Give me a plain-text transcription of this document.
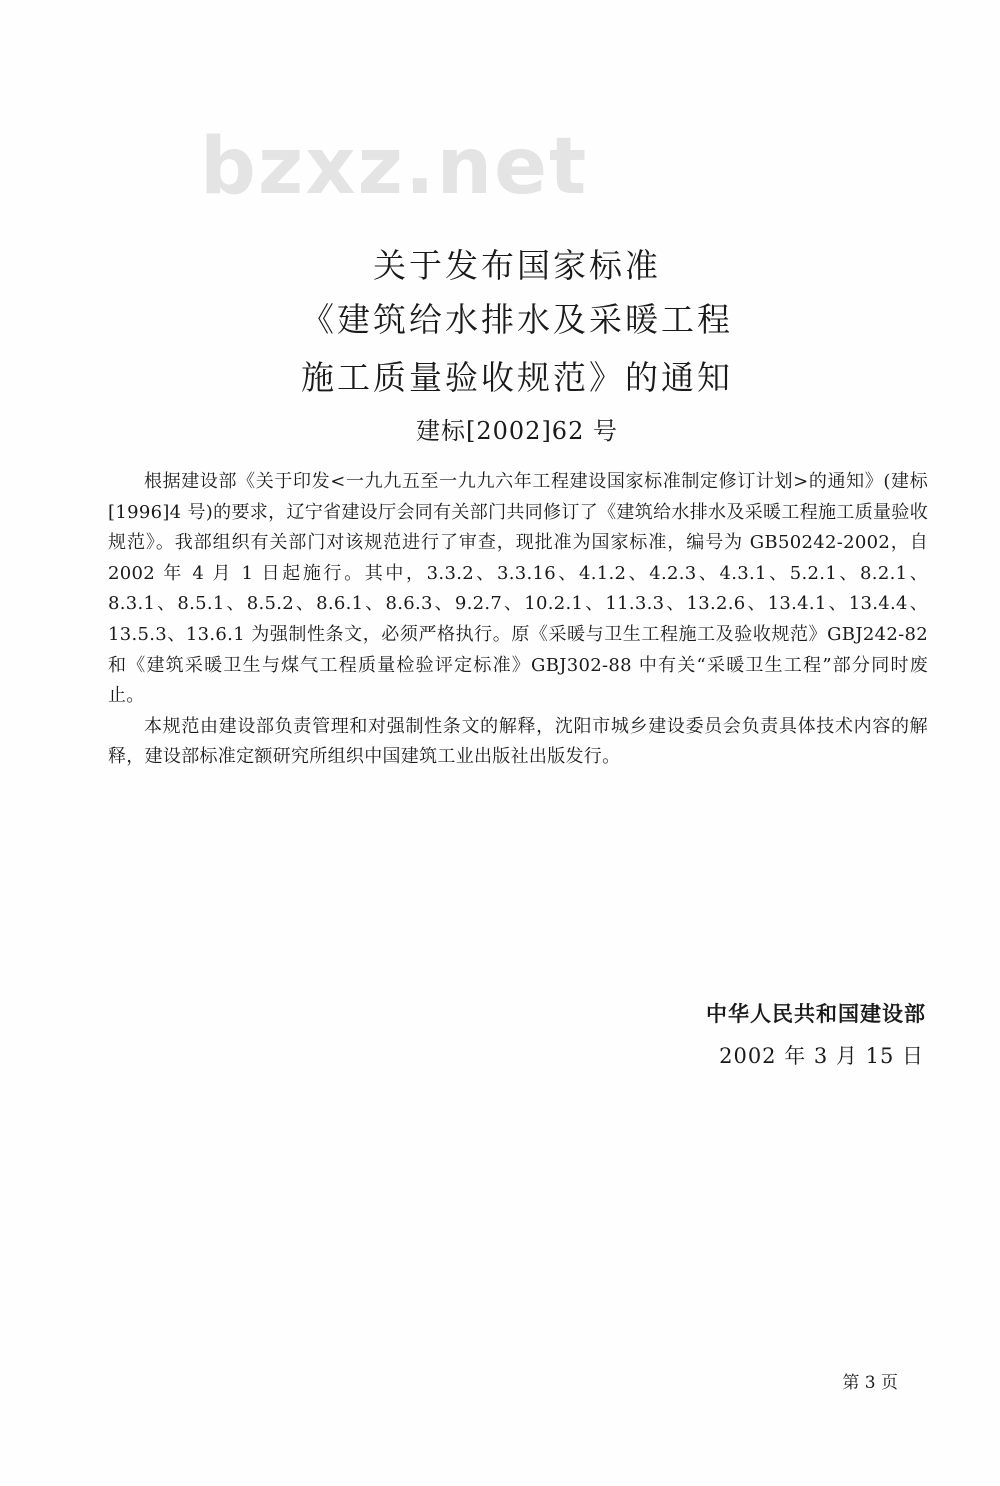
bzxz.net
关于发布国家标准
《建筑给水排水及采暖工程
施工质量验收规范》的通知
建标[2002]62 号

根据建设部《关于印发<一九九五至一九九六年工程建设国家标准制定修订计划>的通知》(建标[1996]4 号)的要求，辽宁省建设厅会同有关部门共同修订了《建筑给水排水及采暖工程施工质量验收规范》。我部组织有关部门对该规范进行了审查，现批准为国家标准，编号为 GB50242-2002，自 2002 年 4 月 1 日起施行。其中，3.3.2、3.3.16、4.1.2、4.2.3、4.3.1、5.2.1、8.2.1、8.3.1、8.5.1、8.5.2、8.6.1、8.6.3、9.2.7、10.2.1、11.3.3、13.2.6、13.4.1、13.4.4、13.5.3、13.6.1 为强制性条文，必须严格执行。原《采暖与卫生工程施工及验收规范》GBJ242-82 和《建筑采暖卫生与煤气工程质量检验评定标准》GBJ302-88 中有关“采暖卫生工程”部分同时废止。

本规范由建设部负责管理和对强制性条文的解释，沈阳市城乡建设委员会负责具体技术内容的解释，建设部标准定额研究所组织中国建筑工业出版社出版发行。

中华人民共和国建设部
2002 年 3 月 15 日
第 3 页
